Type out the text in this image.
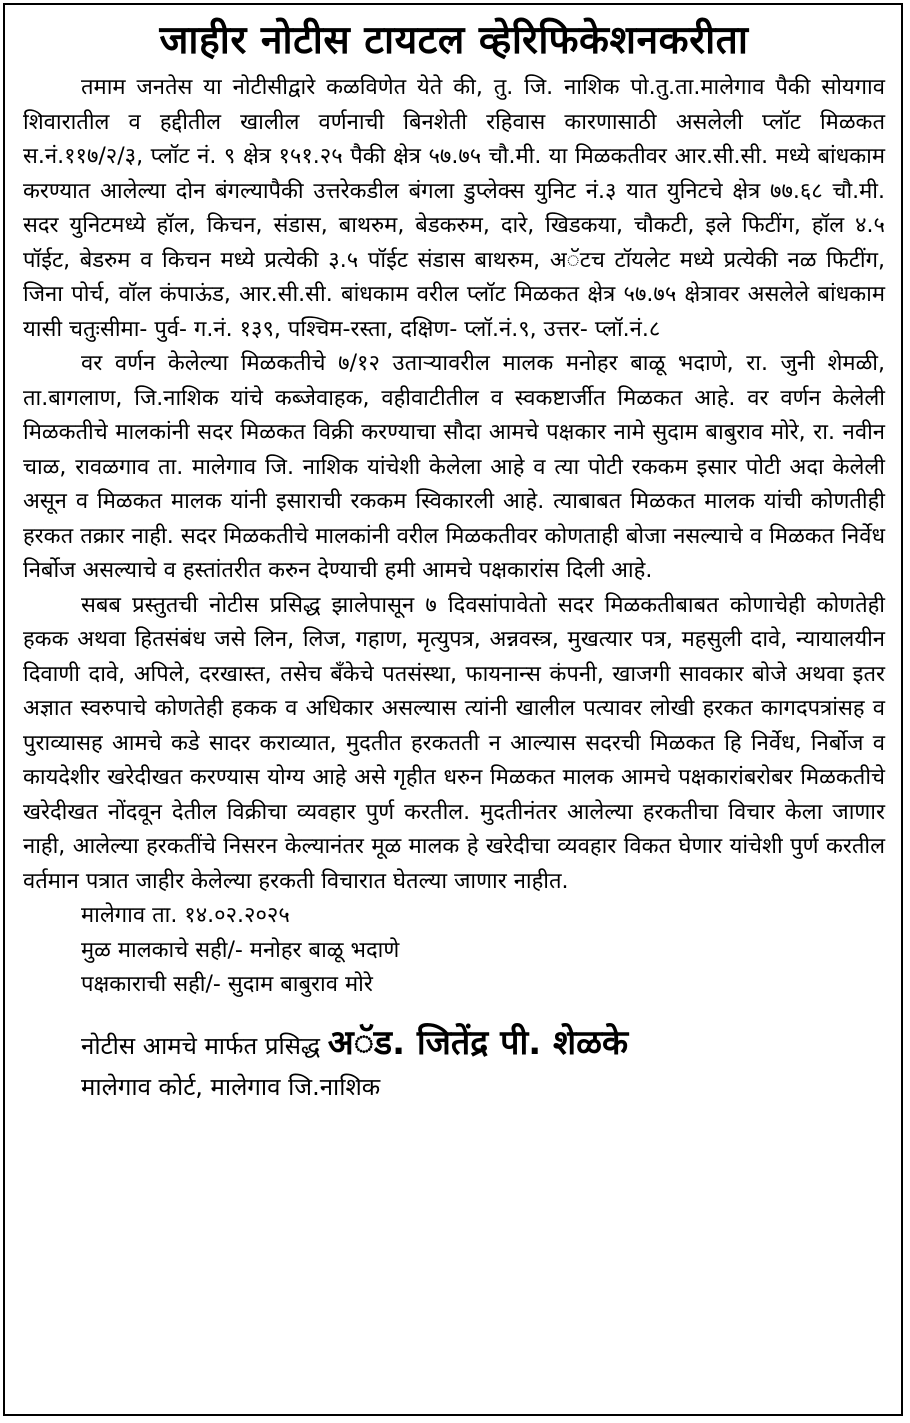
जाहीर नोटीस टायटल व्हेरिफिकेशनकरीता

तमाम जनतेस या नोटीसीद्वारे कळविणेत येते की, तु. जि. नाशिक पो.तु.ता.मालेगाव पैकी सोयगाव शिवारातील व हद्दीतील खालील वर्णनाची बिनशेती रहिवास कारणासाठी असलेली प्लॉट मिळकत स.नं.११७/२/३, प्लॉट नं. ९ क्षेत्र १५१.२५ पैकी क्षेत्र ५७.७५ चौ.मी. या मिळकतीवर आर.सी.सी. मध्ये बांधकाम करण्यात आलेल्या दोन बंगल्यापैकी उत्तरेकडील बंगला डुप्लेक्स युनिट नं.३ यात युनिटचे क्षेत्र ७७.६८ चौ.मी. सदर युनिटमध्ये हॉल, किचन, संडास, बाथरुम, बेडकरुम, दारे, खिडकया, चौकटी, इले फिटींग, हॉल ४.५ पॉईट, बेडरुम व किचन मध्ये प्रत्येकी ३.५ पॉईट संडास बाथरुम, अॅटच टॉयलेट मध्ये प्रत्येकी नळ फिटींग, जिना पोर्च, वॉल कंपाऊंड, आर.सी.सी. बांधकाम वरील प्लॉट मिळकत क्षेत्र ५७.७५ क्षेत्रावर असलेले बांधकाम यासी चतुःसीमा- पुर्व- ग.नं. १३९, पश्चिम-रस्ता, दक्षिण- प्लॉ.नं.९, उत्तर- प्लॉ.नं.८

वर वर्णन केलेल्या मिळकतीचे ७/१२ उताऱ्यावरील मालक मनोहर बाळू भदाणे, रा. जुनी शेमळी, ता.बागलाण, जि.नाशिक यांचे कब्जेवाहक, वहीवाटीतील व स्वकष्टार्जीत मिळकत आहे. वर वर्णन केलेली मिळकतीचे मालकांनी सदर मिळकत विक्री करण्याचा सौदा आमचे पक्षकार नामे सुदाम बाबुराव मोरे, रा. नवीन चाळ, रावळगाव ता. मालेगाव जि. नाशिक यांचेशी केलेला आहे व त्या पोटी रककम इसार पोटी अदा केलेली असून व मिळकत मालक यांनी इसाराची रककम स्विकारली आहे. त्याबाबत मिळकत मालक यांची कोणतीही हरकत तक्रार नाही. सदर मिळकतीचे मालकांनी वरील मिळकतीवर कोणताही बोजा नसल्याचे व मिळकत निर्वेध निर्बोज असल्याचे व हस्तांतरीत करुन देण्याची हमी आमचे पक्षकारांस दिली आहे.

सबब प्रस्तुतची नोटीस प्रसिद्ध झालेपासून ७ दिवसांपावेतो सदर मिळकतीबाबत कोणाचेही कोणतेही हकक अथवा हितसंबंध जसे लिन, लिज, गहाण, मृत्युपत्र, अन्नवस्त्र, मुखत्यार पत्र, महसुली दावे, न्यायालयीन दिवाणी दावे, अपिले, दरखास्त, तसेच बँकेचे पतसंस्था, फायनान्स कंपनी, खाजगी सावकार बोजे अथवा इतर अज्ञात स्वरुपाचे कोणतेही हकक व अधिकार असल्यास त्यांनी खालील पत्यावर लोखी हरकत कागदपत्रांसह व पुराव्यासह आमचे कडे सादर कराव्यात, मुदतीत हरकतती न आल्यास सदरची मिळकत हि निर्वेध, निर्बोज व कायदेशीर खरेदीखत करण्यास योग्य आहे असे गृहीत धरुन मिळकत मालक आमचे पक्षकारांबरोबर मिळकतीचे खरेदीखत नोंदवून देतील विक्रीचा व्यवहार पुर्ण करतील. मुदतीनंतर आलेल्या हरकतीचा विचार केला जाणार नाही, आलेल्या हरकतींचे निसरन केल्यानंतर मूळ मालक हे खरेदीचा व्यवहार विकत घेणार यांचेशी पुर्ण करतील वर्तमान पत्रात जाहीर केलेल्या हरकती विचारात घेतल्या जाणार नाहीत.

मालेगाव ता. १४.०२.२०२५
मुळ मालकाचे सही/- मनोहर बाळू भदाणे
पक्षकाराची सही/- सुदाम बाबुराव मोरे
नोटीस आमचे मार्फत प्रसिद्ध अॅड. जितेंद्र पी. शेळके
मालेगाव कोर्ट, मालेगाव जि.नाशिक
